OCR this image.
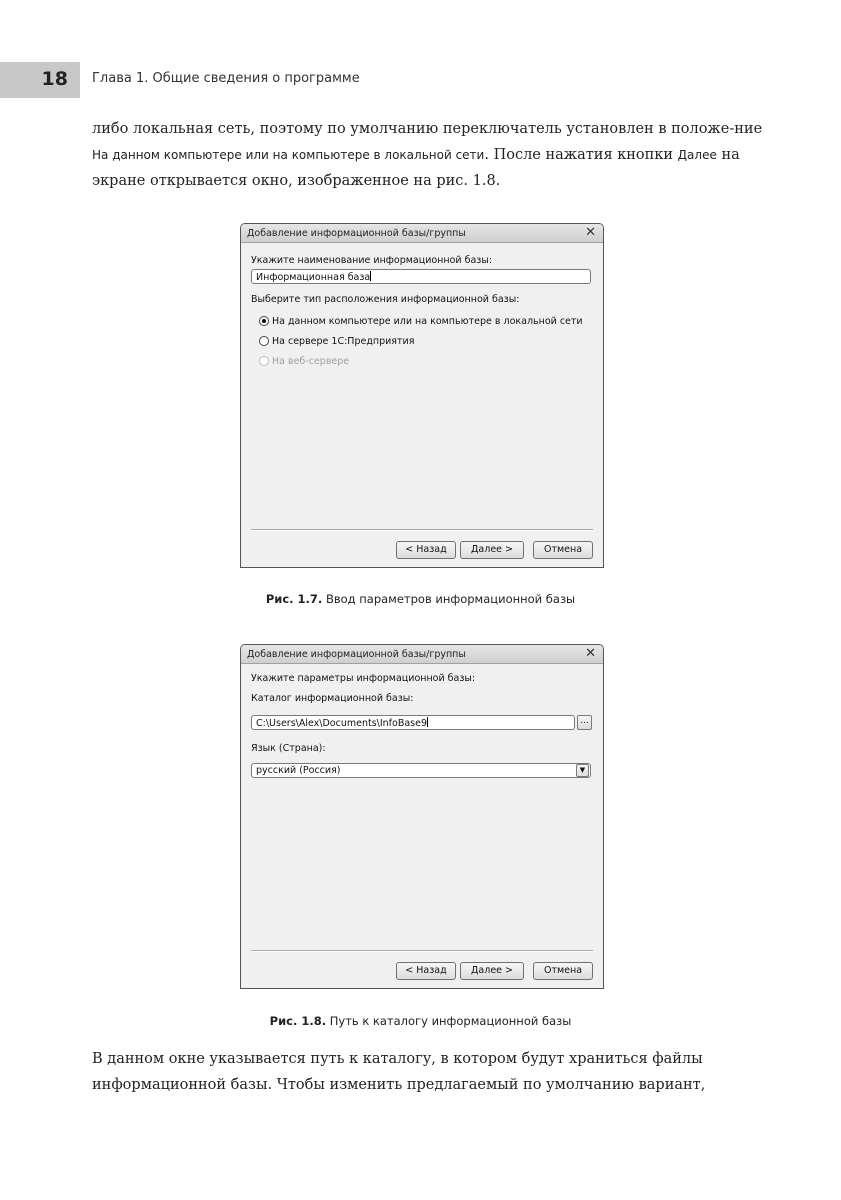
18 Глава 1. Общие сведения о программе
либо локальная сеть, поэтому по умолчанию переключатель установлен в положе-ние На данном компьютере или на компьютере в локальной сети. После нажатия кнопки Далее на экране открывается окно, изображенное на рис. 1.8.
Добавление информационной базы/группы	✕
Укажите наименование информационной базы:
Информационная база
Выберите тип расположения информационной базы:
На данном компьютере или на компьютере в локальной сети
На сервере 1С:Предприятия
На веб-сервере
< Назад	Далее >	Отмена
Рис. 1.7. Ввод параметров информационной базы
Добавление информационной базы/группы	✕
Укажите параметры информационной базы:
Каталог информационной базы:
C:\Users\Alex\Documents\InfoBase9	...
Язык (Страна):
русский (Россия)	▼
< Назад	Далее >	Отмена
Рис. 1.8. Путь к каталогу информационной базы
В данном окне указывается путь к каталогу, в котором будут храниться файлы информационной базы. Чтобы изменить предлагаемый по умолчанию вариант,
